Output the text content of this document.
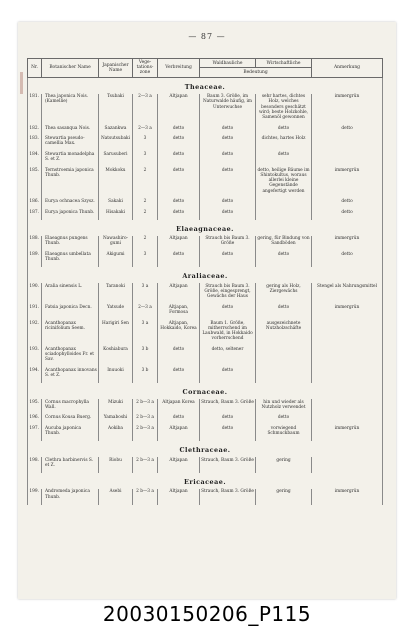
— 87 —
Nr.	Botanischer Name	Japanischer Name	Vege-tations-zone	Verbreitung	Waldbauliche	Wirtschaftliche	Anmerkung
					Bedeutung		
Theaceae.							
181.	Thea japonica Nois. (Kamellie)	Tsubaki	2—3 a	Altjapan	Baum 3. Größe, im Naturwalde häufig, im Unterwuchse	sehr hartes, dichtes Holz, welches besonders geschätzt wird; beste Holzkohle, Samenöl gewonnen	immergrün

182.	Thea sasanqua Nois.	Sazankwa	2—3 a	detto	detto	detto	detto

183.	Stewartia pseudo-camellia Max.	Natsutsubaki	3	detto	detto	dichtes, hartes Holz	

184.	Stewartia monadelpha S. et Z.	Sarusuberi	3	detto	detto	detto	

185.	Ternstroemia japonica Thunb.	Mokkoku	2	detto	detto	detto, heilige Bäume im Shintokultus, woraus allerlei kleine Gegenstände angefertigt werden	immergrün

186.	Eurya ochnacea Szysz.	Sakaki	2	detto	detto		detto

187.	Eurya japonica Thunb.	Hisakaki	2	detto	detto		detto

Elaeagnaceae.							
188.	Elaeagnus pungens Thunb.	Nawashiro-gumi	2	Altjapan	Strauch bis Baum 3. Größe	gering, für Bindung von Sandböden	immergrün

189.	Elaeagnus umbellata Thunb.	Akigumi	3	detto	detto	detto	detto

Araliaceae.							
190.	Aralia sinensis L.	Taranoki	3 a	Altjapan	Strauch bis Baum 3. Größe, eingesprengt, Gewächs der Haus	gering als Holz, Ziergewächs	Stengel als Nahrungsmittel

191.	Fatsia japonica Decn.	Yatsude	2—3 a	Altjapan, Formosa	detto	detto	immergrün

192.	Acanthopanax ricinifolium Seem.	Harigiri Sen	3 a	Altjapan, Hokkaido, Korea	Baum 1. Größe, mitherrschend im Laubwald, in Hokkaido vorherrschend	ausgezeichnete Nutzholzschäfte	

193.	Acanthopanax sciadophylloides Fr. et Sav.	Koshiabura	3 b	detto	detto, seltener		

194.	Acanthopanax innovans S. et Z.	Inuuoki	3 b	detto	detto		

Cornaceae.							
195.	Cornus macrophylla Wall.	Mizuki	2 b—3 a	Altjapan Korea	Strauch, Baum 3. Größe	hin und wieder als Nutzholz verwendet	

196.	Cornus Kousa Buerg.	Yamaboshi	2 b—3 a	detto	detto	detto	

197.	Aucuba japonica Thunb.	Aokiba	2 b—3 a	Altjapan	detto	vorwiegend Schmuckbaum	immergrün

Clethraceae.							
198.	Clethra barbinervis S. et Z.	Riobu	2 b—3 a	Altjapan	Strauch, Baum 3. Größe	gering	

Ericaceae.							
199.	Andromeda japonica Thunb.	Asebi	2 b—3 a	Altjapan	Strauch, Baum 3. Größe	gering	immergrün

20030150206_P115
